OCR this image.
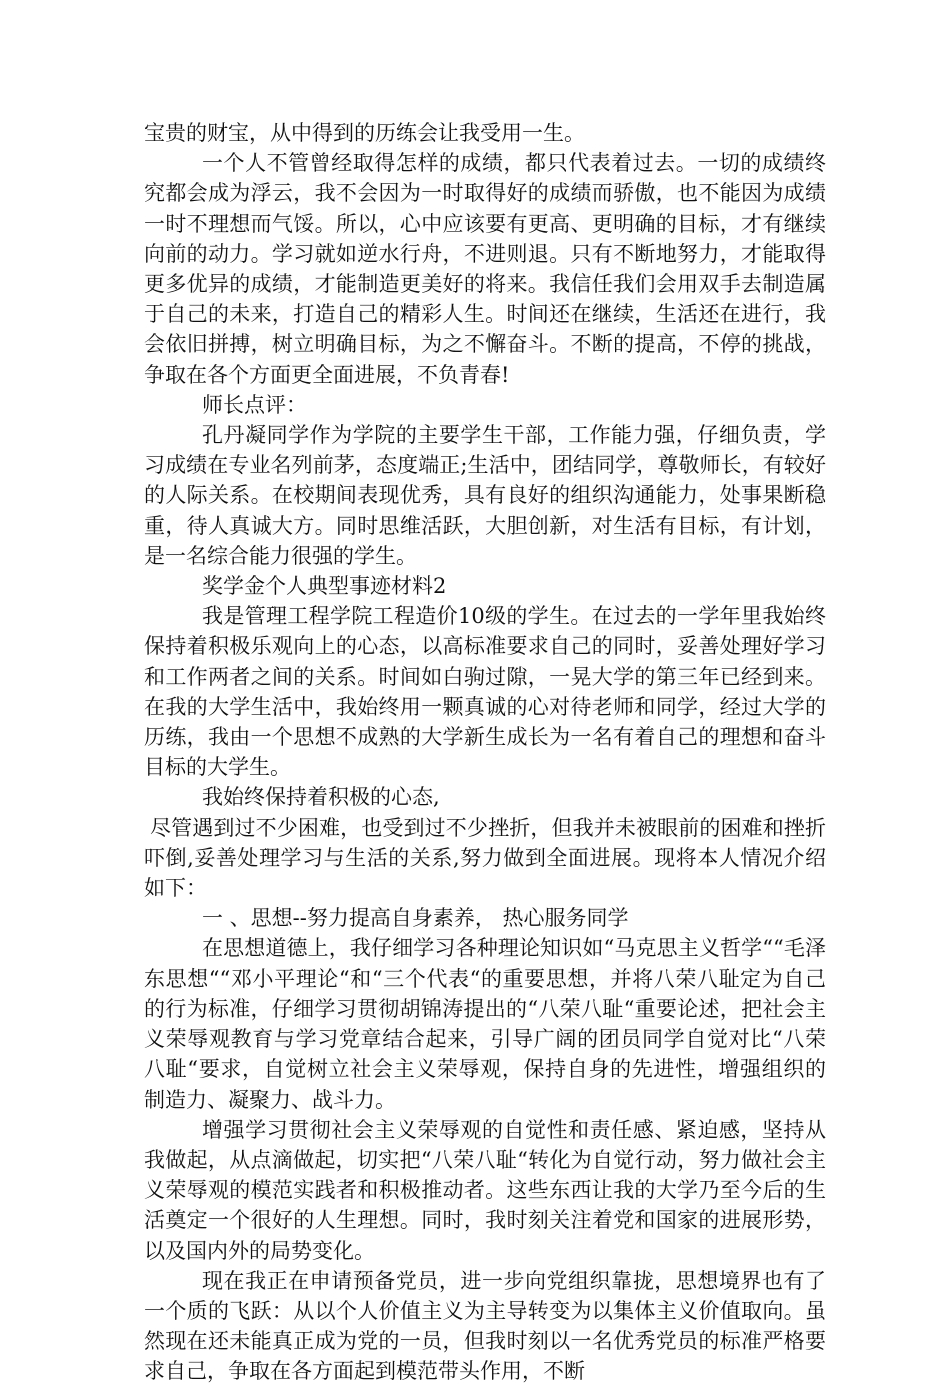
宝贵的财宝，从中得到的历练会让我受用一生。

一个人不管曾经取得怎样的成绩，都只代表着过去。一切的成绩终究都会成为浮云，我不会因为一时取得好的成绩而骄傲，也不能因为成绩一时不理想而气馁。所以，心中应该要有更高、更明确的目标，才有继续向前的动力。学习就如逆水行舟，不进则退。只有不断地努力，才能取得更多优异的成绩，才能制造更美好的将来。我信任我们会用双手去制造属于自己的未来，打造自己的精彩人生。时间还在继续，生活还在进行，我会依旧拼搏，树立明确目标，为之不懈奋斗。不断的提高，不停的挑战，争取在各个方面更全面进展，不负青春!

师长点评：

孔丹凝同学作为学院的主要学生干部，工作能力强，仔细负责，学习成绩在专业名列前茅，态度端正;生活中，团结同学，尊敬师长，有较好的人际关系。在校期间表现优秀，具有良好的组织沟通能力，处事果断稳重，待人真诚大方。同时思维活跃，大胆创新，对生活有目标，有计划，是一名综合能力很强的学生。

奖学金个人典型事迹材料2

我是管理工程学院工程造价10级的学生。在过去的一学年里我始终保持着积极乐观向上的心态，以高标准要求自己的同时，妥善处理好学习和工作两者之间的关系。时间如白驹过隙，一晃大学的第三年已经到来。在我的大学生活中，我始终用一颗真诚的心对待老师和同学，经过大学的历练，我由一个思想不成熟的大学新生成长为一名有着自己的理想和奋斗目标的大学生。

我始终保持着积极的心态,

尽管遇到过不少困难，也受到过不少挫折，但我并未被眼前的困难和挫折吓倒,妥善处理学习与生活的关系,努力做到全面进展。现将本人情况介绍如下：

一 、思想--努力提高自身素养， 热心服务同学

在思想道德上，我仔细学习各种理论知识如“马克思主义哲学““毛泽东思想““邓小平理论“和“三个代表“的重要思想，并将八荣八耻定为自己的行为标准，仔细学习贯彻胡锦涛提出的“八荣八耻“重要论述，把社会主义荣辱观教育与学习党章结合起来，引导广阔的团员同学自觉对比“八荣八耻“要求，自觉树立社会主义荣辱观，保持自身的先进性，增强组织的制造力、凝聚力、战斗力。

增强学习贯彻社会主义荣辱观的自觉性和责任感、紧迫感，坚持从我做起，从点滴做起，切实把“八荣八耻“转化为自觉行动，努力做社会主义荣辱观的模范实践者和积极推动者。这些东西让我的大学乃至今后的生活奠定一个很好的人生理想。同时，我时刻关注着党和国家的进展形势，以及国内外的局势变化。

现在我正在申请预备党员，进一步向党组织靠拢，思想境界也有了一个质的飞跃：从以个人价值主义为主导转变为以集体主义价值取向。虽然现在还未能真正成为党的一员，但我时刻以一名优秀党员的标准严格要求自己，争取在各方面起到模范带头作用，不断
